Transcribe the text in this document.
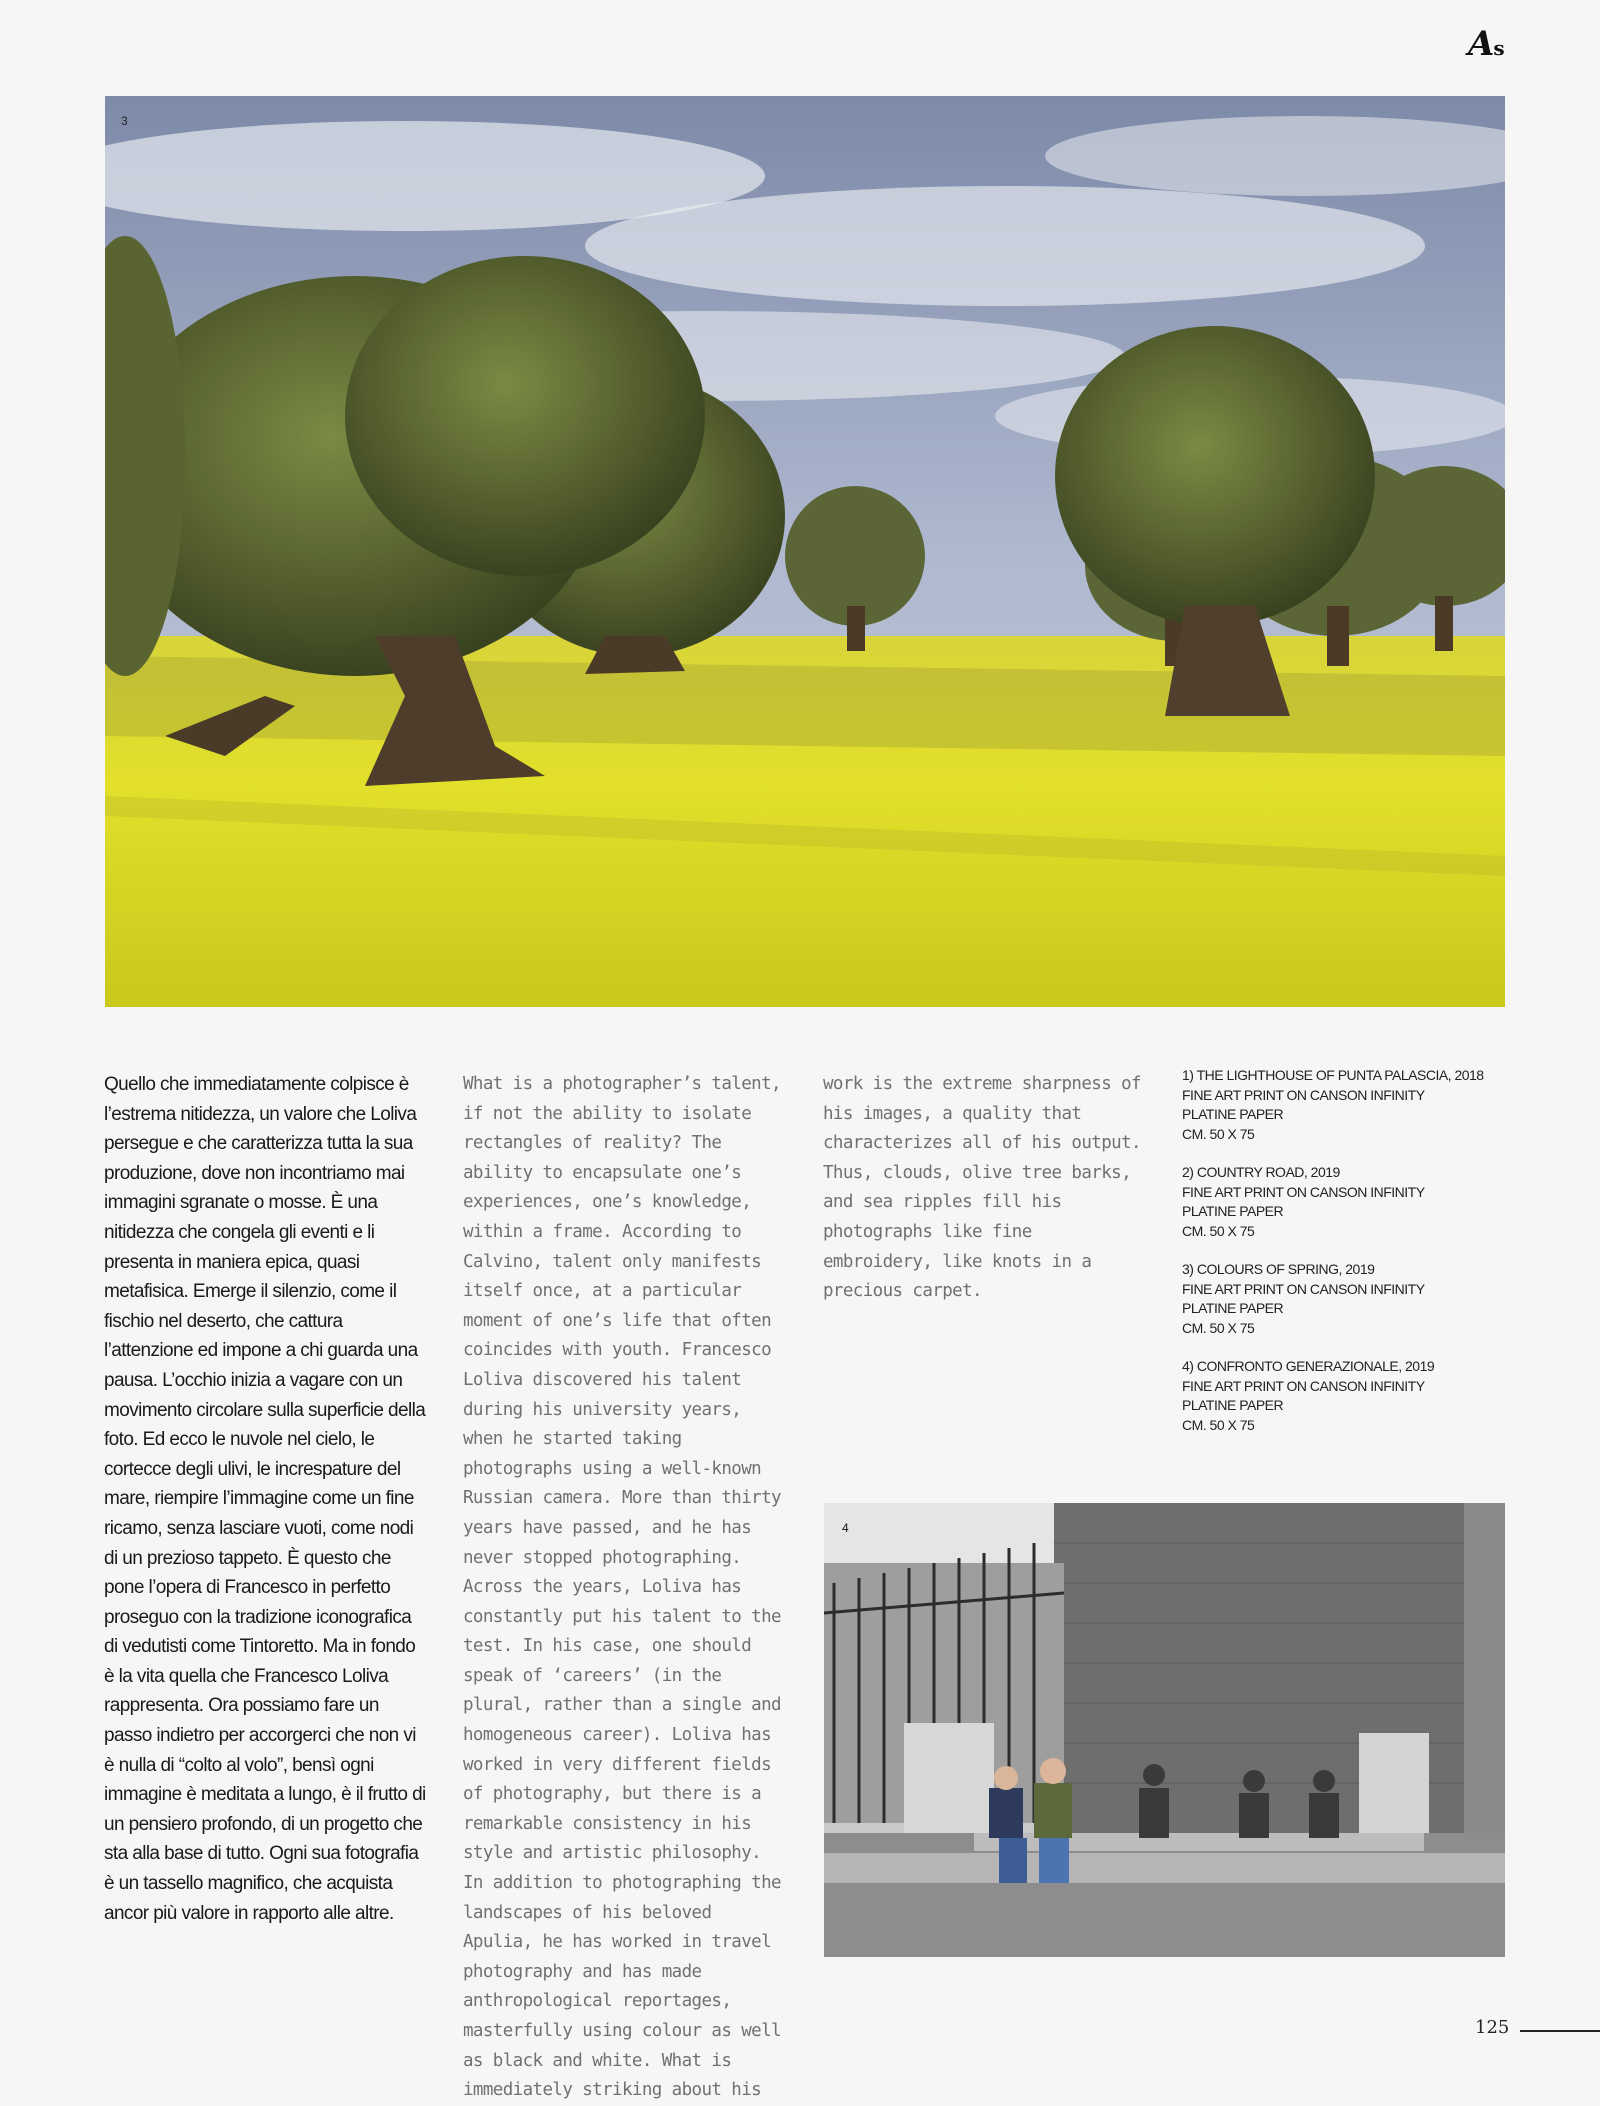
As
3

Quello che immediatamente colpisce è l’estrema nitidezza, un valore che Loliva persegue e che caratterizza tutta la sua produzione, dove non incontriamo mai immagini sgranate o mosse. È una nitidezza che congela gli eventi e li presenta in maniera epica, quasi metafisica. Emerge il silenzio, come il fischio nel deserto, che cattura l’attenzione ed impone a chi guarda una pausa. L’occhio inizia a vagare con un movimento circolare sulla superficie della foto. Ed ecco le nuvole nel cielo, le cortecce degli ulivi, le increspature del mare, riempire l’immagine come un fine ricamo, senza lasciare vuoti, come nodi di un prezioso tappeto. È questo che pone l’opera di Francesco in perfetto proseguo con la tradizione iconografica di vedutisti come Tintoretto. Ma in fondo è la vita quella che Francesco Loliva rappresenta. Ora possiamo fare un passo indietro per accorgerci che non vi è nulla di “colto al volo”, bensì ogni immagine è meditata a lungo, è il frutto di un pensiero profondo, di un progetto che sta alla base di tutto. Ogni sua fotografia è un tassello magnifico, che acquista ancor più valore in rapporto alle altre.

What is a photographer’s talent, if not the ability to isolate rectangles of reality? The ability to encapsulate one’s experiences, one’s knowledge, within a frame. According to Calvino, talent only manifests itself once, at a particular moment of one’s life that often coincides with youth. Francesco Loliva discovered his talent during his university years, when he started taking photographs using a well-known Russian camera. More than thirty years have passed, and he has never stopped photographing. Across the years, Loliva has constantly put his talent to the test. In his case, one should speak of ‘careers’ (in the plural, rather than a single and homogeneous career). Loliva has worked in very different fields of photography, but there is a remarkable consistency in his style and artistic philosophy. In addition to photographing the landscapes of his beloved Apulia, he has worked in travel photography and has made anthropological reportages, masterfully using colour as well as black and white. What is immediately striking about his

work is the extreme sharpness of his images, a quality that characterizes all of his output. Thus, clouds, olive tree barks, and sea ripples fill his photographs like fine embroidery, like knots in a precious carpet.

1) THE LIGHTHOUSE OF PUNTA PALASCIA, 2018
FINE ART PRINT ON CANSON INFINITY
PLATINE PAPER
CM. 50 X 75
2) COUNTRY ROAD, 2019
FINE ART PRINT ON CANSON INFINITY
PLATINE PAPER
CM. 50 X 75
3) COLOURS OF SPRING, 2019
FINE ART PRINT ON CANSON INFINITY
PLATINE PAPER
CM. 50 X 75
4) CONFRONTO GENERAZIONALE, 2019
FINE ART PRINT ON CANSON INFINITY
PLATINE PAPER
CM. 50 X 75
4
125
